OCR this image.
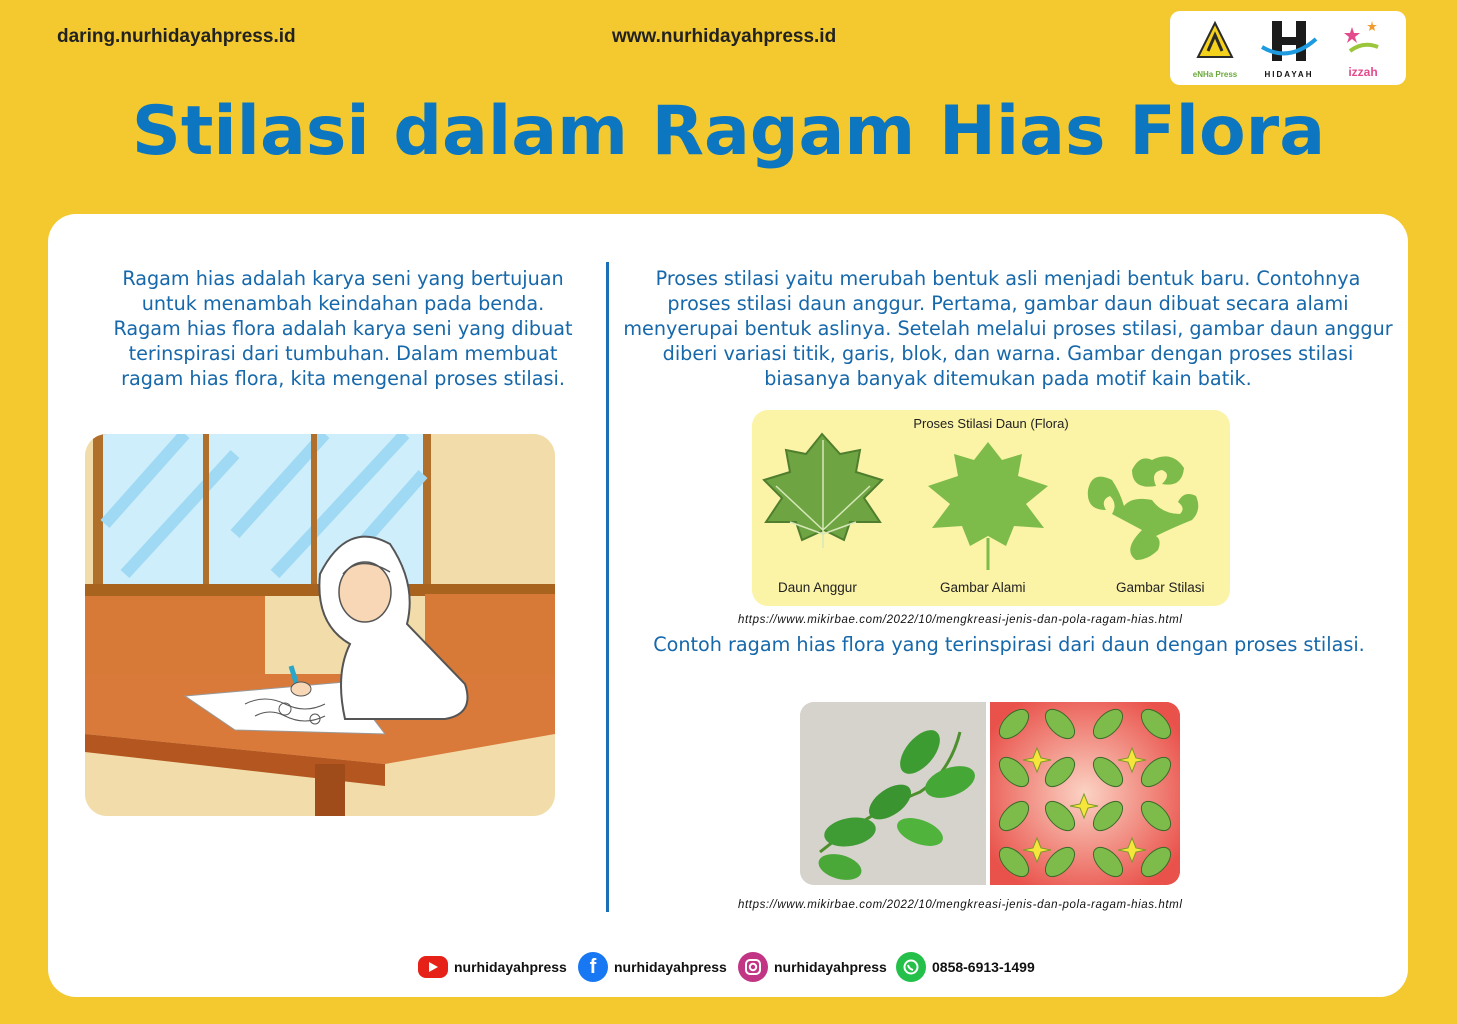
daring.nurhidayahpress.id	www.nurhidayahpress.id
eNHa Press	HIDAYAH	izzah
Stilasi dalam Ragam Hias Flora

Ragam hias adalah karya seni yang bertujuan untuk menambah keindahan pada benda. Ragam hias flora adalah karya seni yang dibuat terinspirasi dari tumbuhan. Dalam membuat ragam hias flora, kita mengenal proses stilasi.

Proses stilasi yaitu merubah bentuk asli menjadi bentuk baru. Contohnya proses stilasi daun anggur. Pertama, gambar daun dibuat secara alami menyerupai bentuk aslinya. Setelah melalui proses stilasi, gambar daun anggur diberi variasi titik, garis, blok, dan warna. Gambar dengan proses stilasi biasanya banyak ditemukan pada motif kain batik.

Proses Stilasi Daun (Flora)
Daun Anggur	Gambar Alami	Gambar Stilasi
https://www.mikirbae.com/2022/10/mengkreasi-jenis-dan-pola-ragam-hias.html

Contoh ragam hias flora yang terinspirasi dari daun dengan proses stilasi.

https://www.mikirbae.com/2022/10/mengkreasi-jenis-dan-pola-ragam-hias.html
nurhidayahpress f nurhidayahpress	nurhidayahpress	0858-6913-1499
